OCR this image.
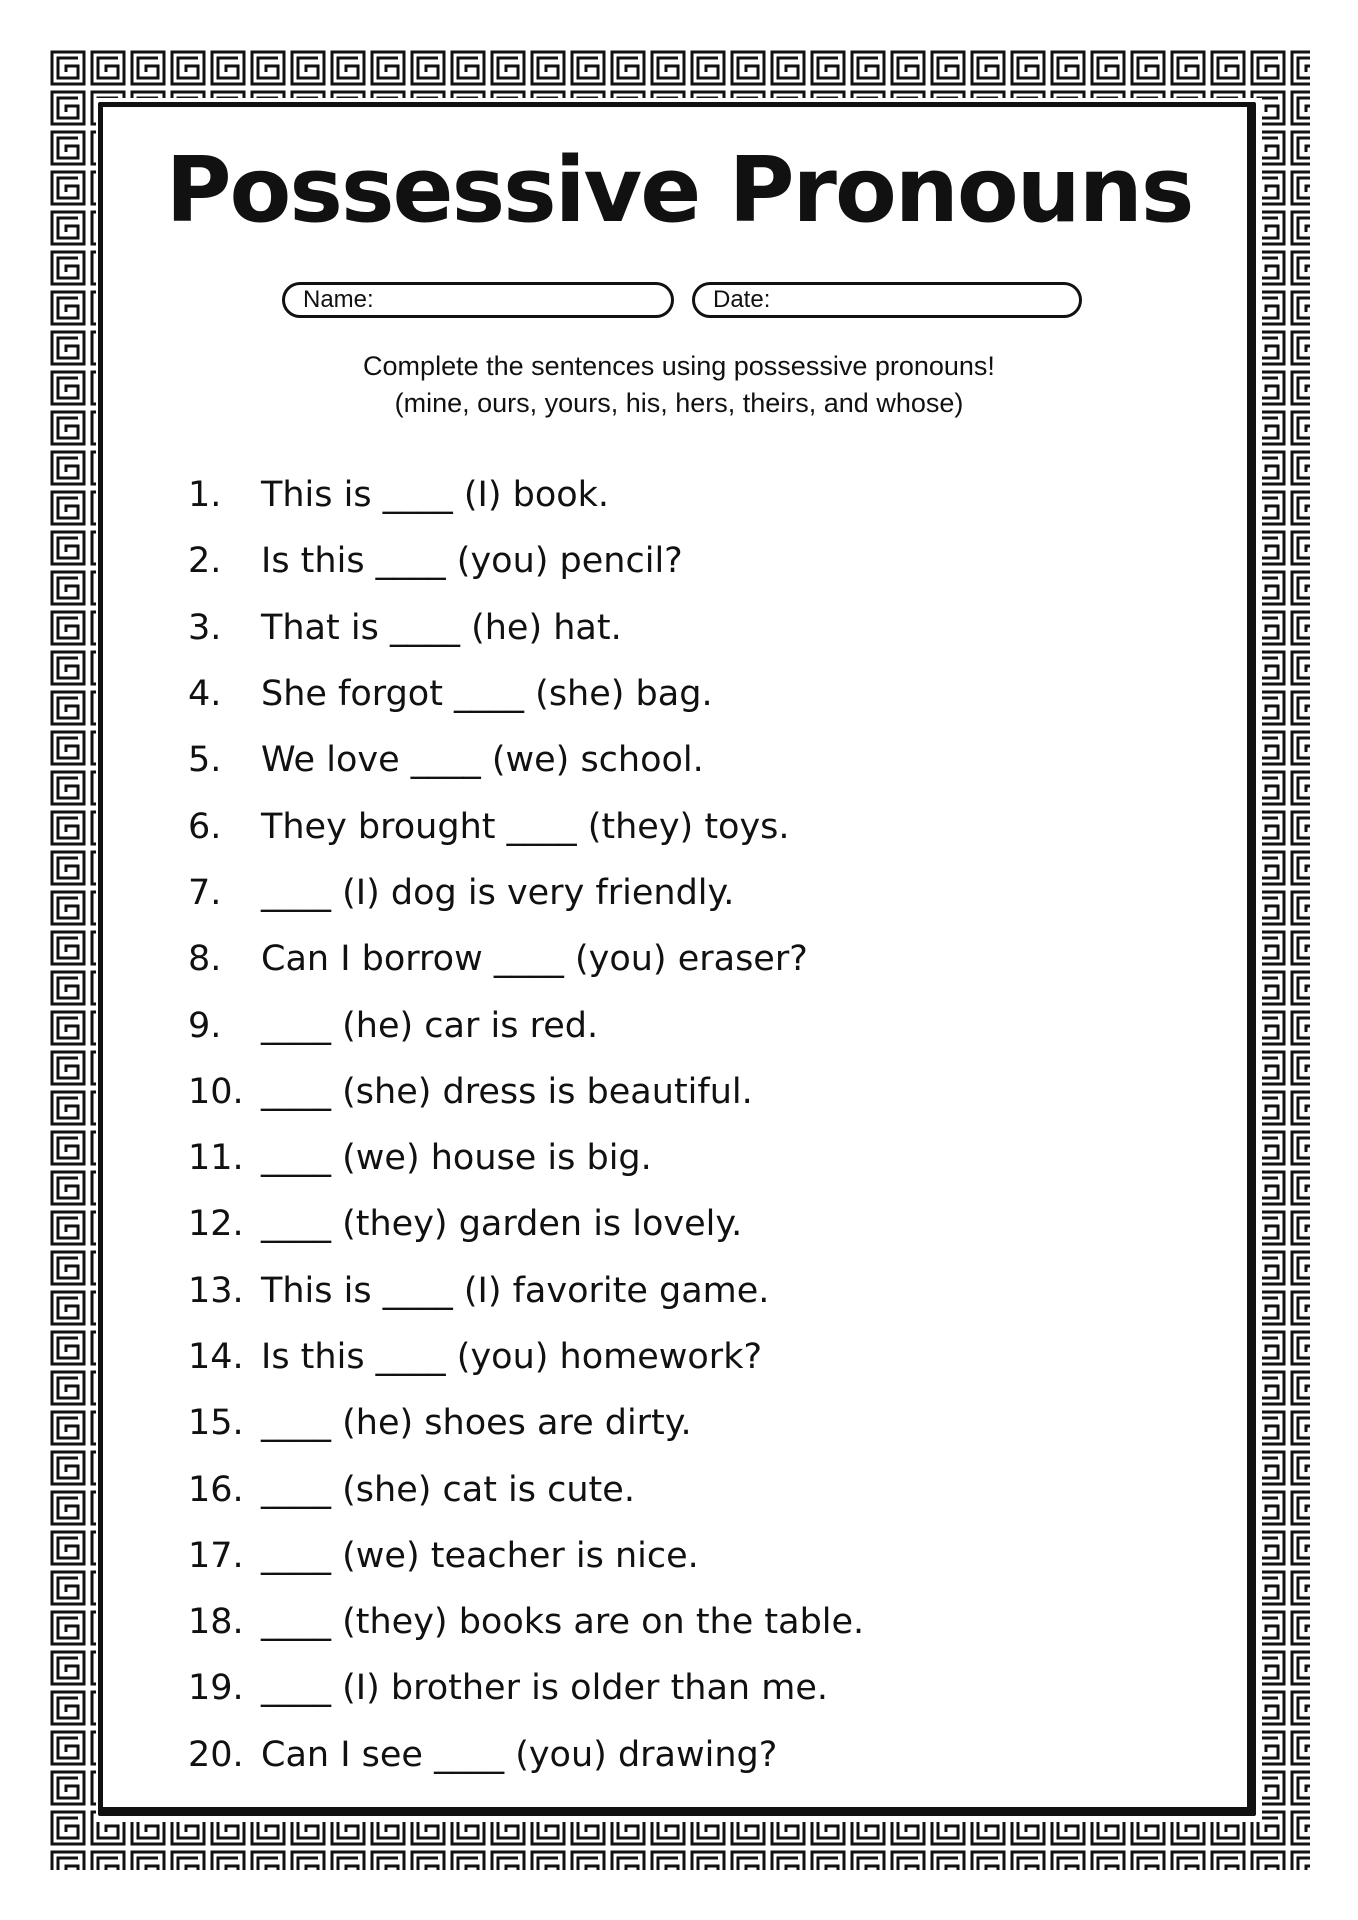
Possessive Pronouns
Name:	Date:
Complete the sentences using possessive pronouns!
(mine, ours, yours, his, hers, theirs, and whose)
1.	This is ____ (I) book.
2.	Is this ____ (you) pencil?
3.	That is ____ (he) hat.
4.	She forgot ____ (she) bag.
5.	We love ____ (we) school.
6.	They brought ____ (they) toys.
7.	____ (I) dog is very friendly.
8.	Can I borrow ____ (you) eraser?
9.	____ (he) car is red.
10. ____ (she) dress is beautiful.
11. ____ (we) house is big.
12. ____ (they) garden is lovely.
13. This is ____ (I) favorite game.
14. Is this ____ (you) homework?
15. ____ (he) shoes are dirty.
16. ____ (she) cat is cute.
17. ____ (we) teacher is nice.
18. ____ (they) books are on the table.
19. ____ (I) brother is older than me.
20. Can I see ____ (you) drawing?
